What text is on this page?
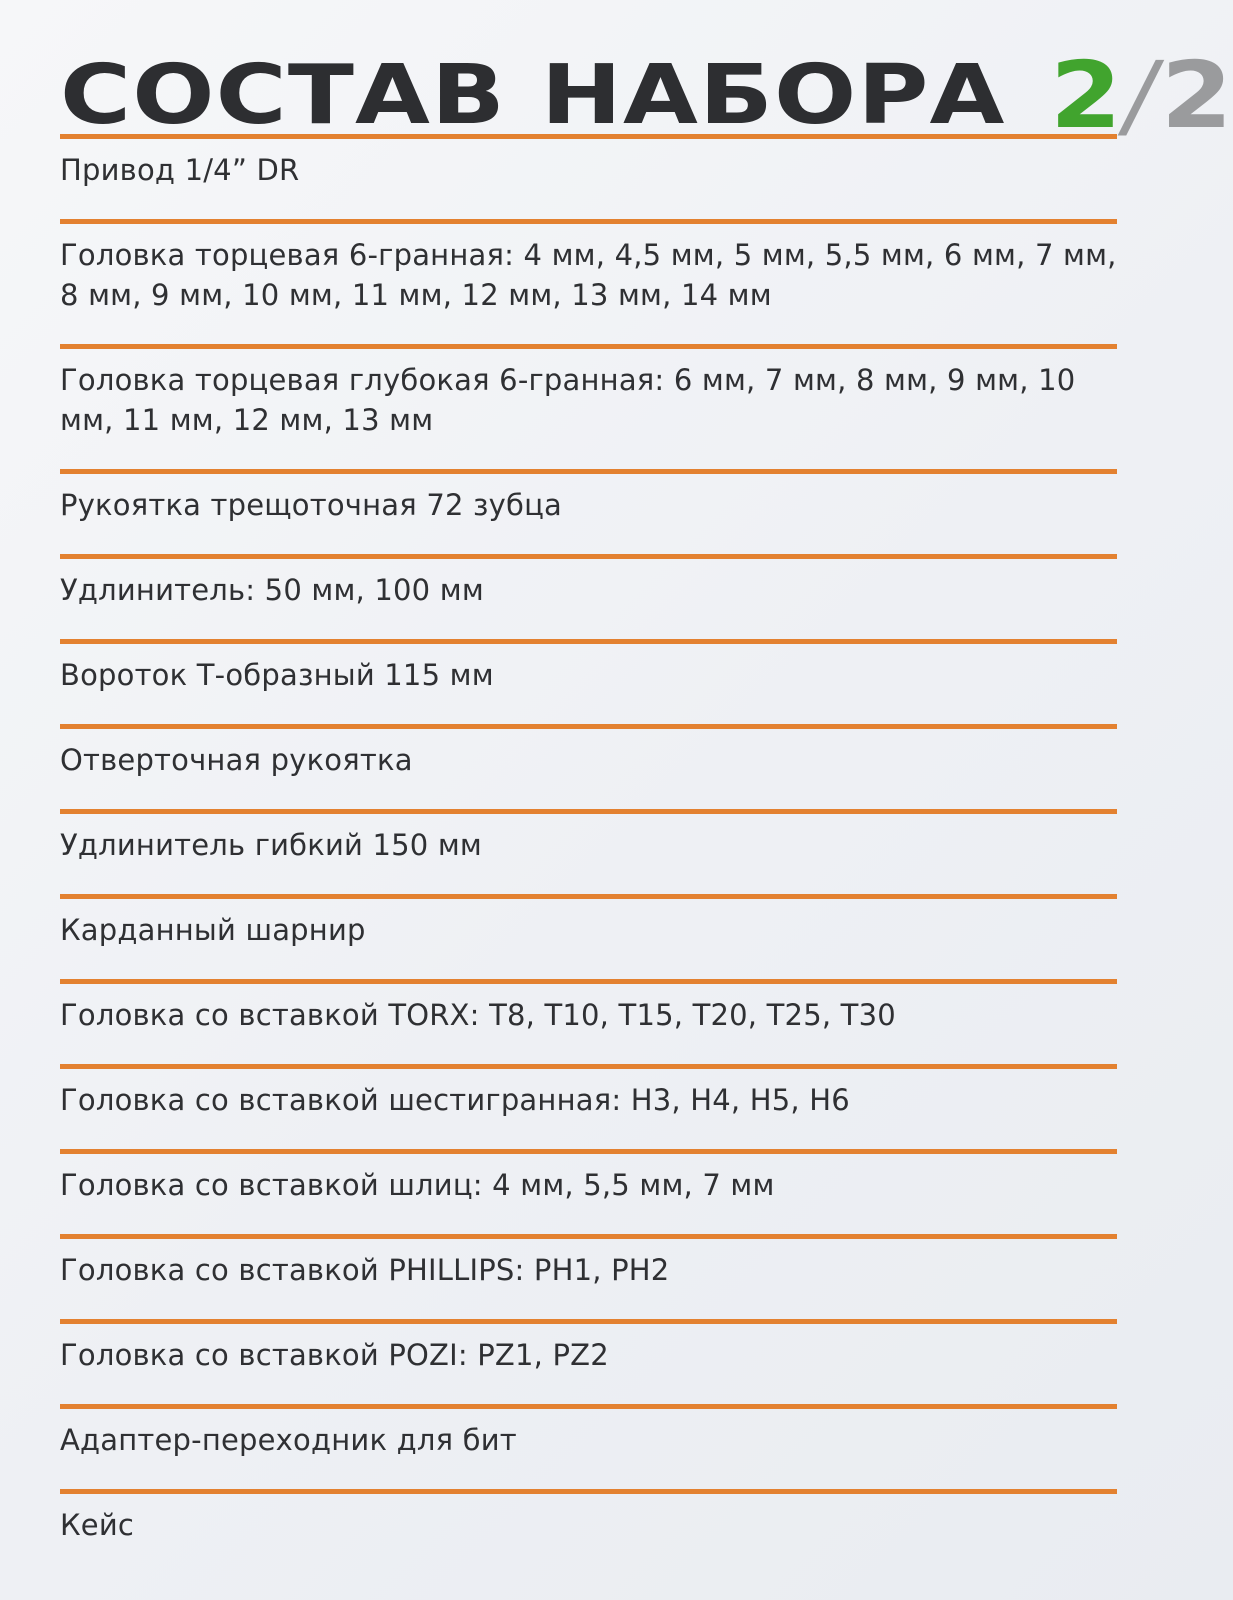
СОСТАВ НАБОРА 2/2
Привод 1/4” DR
Головка торцевая 6-гранная: 4 мм, 4,5 мм, 5 мм, 5,5 мм, 6 мм, 7 мм, 8 мм, 9 мм, 10 мм, 11 мм, 12 мм, 13 мм, 14 мм
Головка торцевая глубокая 6-гранная: 6 мм, 7 мм, 8 мм, 9 мм, 10 мм, 11 мм, 12 мм, 13 мм
Рукоятка трещоточная 72 зубца
Удлинитель: 50 мм, 100 мм
Вороток Т-образный 115 мм
Отверточная рукоятка
Удлинитель гибкий 150 мм
Карданный шарнир
Головка со вставкой TORX: T8, T10, T15, T20, T25, T30
Головка со вставкой шестигранная: H3, H4, H5, H6
Головка со вставкой шлиц: 4 мм, 5,5 мм, 7 мм
Головка со вставкой PHILLIPS: PH1, PH2
Головка со вставкой POZI: PZ1, PZ2
Адаптер-переходник для бит
Кейс
